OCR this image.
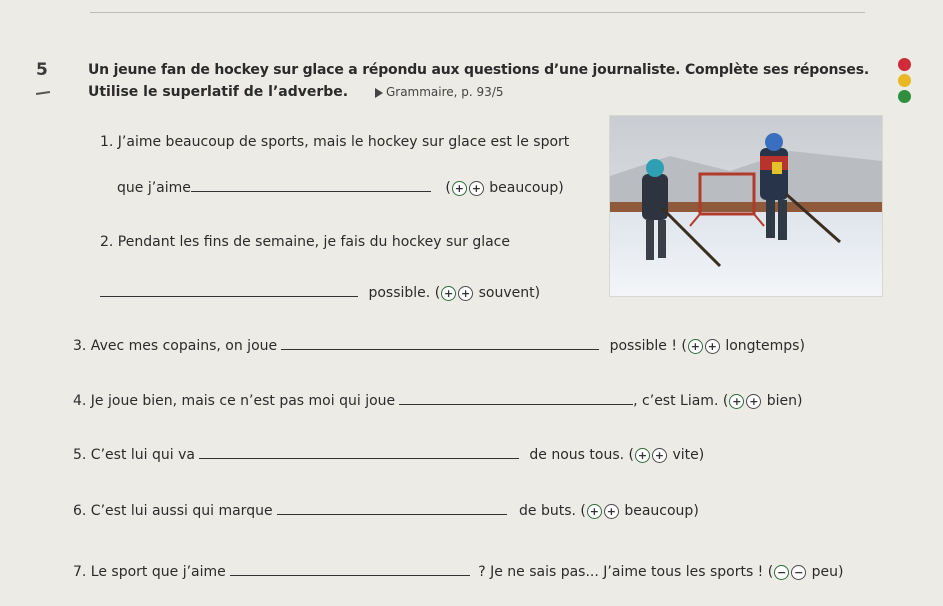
5	Un jeune fan de hockey sur glace a répondu aux questions d’une journaliste. Complète ses réponses.
Utilise le superlatif de l’adverbe.	Grammaire, p. 93/5
1. J’aime beaucoup de sports, mais le hockey sur glace est le sport
que j’aime	( + + beaucoup)
2. Pendant les fins de semaine, je fais du hockey sur glace
possible. ( + + souvent)
3. Avec mes copains, on joue	possible ! ( + + longtemps)
4. Je joue bien, mais ce n’est pas moi qui joue	, c’est Liam. ( + + bien)
5. C’est lui qui va	de nous tous. ( + + vite)
6. C’est lui aussi qui marque	de buts. ( + + beaucoup)
7. Le sport que j’aime	? Je ne sais pas... J’aime tous les sports ! ( − − peu)
